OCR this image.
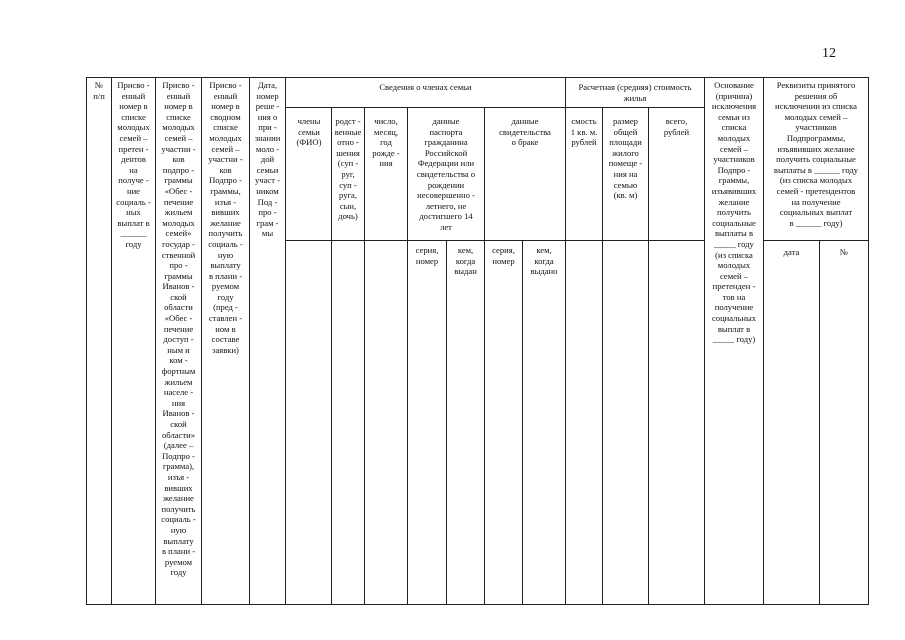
12
№
п/п
Присво -
енный
номер в
списке
молодых
семей –
претен -
дентов
на
получе -
ние
социаль -
ных
выплат в
______
году
Присво -
енный
номер в
списке
молодых
семей –
участни -
ков
подпро -
граммы
«Обес -
печение
жильем
молодых
семей»
государ -
ственной
про -
граммы
Иванов -
ской
области
«Обес -
печение
доступ -
ным и
ком -
фортным
жильем
населе -
ния
Иванов -
ской
области»
(далее –
Подпро -
грамма),
изъя -
вивших
желание
получить
социаль -
ную
выплату
в плани -
руемом
году
Присво -
енный
номер в
сводном
списке
молодых
семей –
участни -
ков
Подпро -
граммы,
изъя -
вивших
желание
получить
социаль -
ную
выплату
в плани -
руемом
году
(пред -
ставлен -
ном в
составе
заявки)
Дата,
номер
реше -
ния о
при -
знании
моло -
дой
семьи
участ -
ником
Под -
про -
грам -
мы
Сведения о членах семьи
члены
семьи
(ФИО)
родст -
венные
отно -
шения
(суп -
руг,
суп -
руга,
сын,
дочь)
число,
месяц,
год
рожде -
ния
данные
паспорта
гражданина
Российской
Федерации или
свидетельства о
рождении
несовершенно -
летнего, не
достигшего 14
лет
данные
свидетельства
о браке
серия,
номер
кем,
когда
выдан
серия,
номер
кем,
когда
выдано
Расчетная (средняя) стоимость
жилья
смость
1 кв. м.
рублей
размер
общей
площади
жилого
помеще -
ния на
семью
(кв. м)
всего,
рублей
Основание
(причина)
исключения
семьи из
списка
молодых
семей –
участников
Подпро -
граммы,
изъявивших
желание
получить
социальные
выплаты в
_____ году
(из списка
молодых
семей –
претенден -
тов на
получение
социальных
выплат в
_____ году)
Реквизиты принятого
решения об
исключении из списка
молодых семей –
участников
Подпрограммы,
изъявивших желание
получить социальные
выплаты в ______ году
(из списка молодых
семей - претендентов
на получение
социальных выплат
в ______ году)
дата	№
